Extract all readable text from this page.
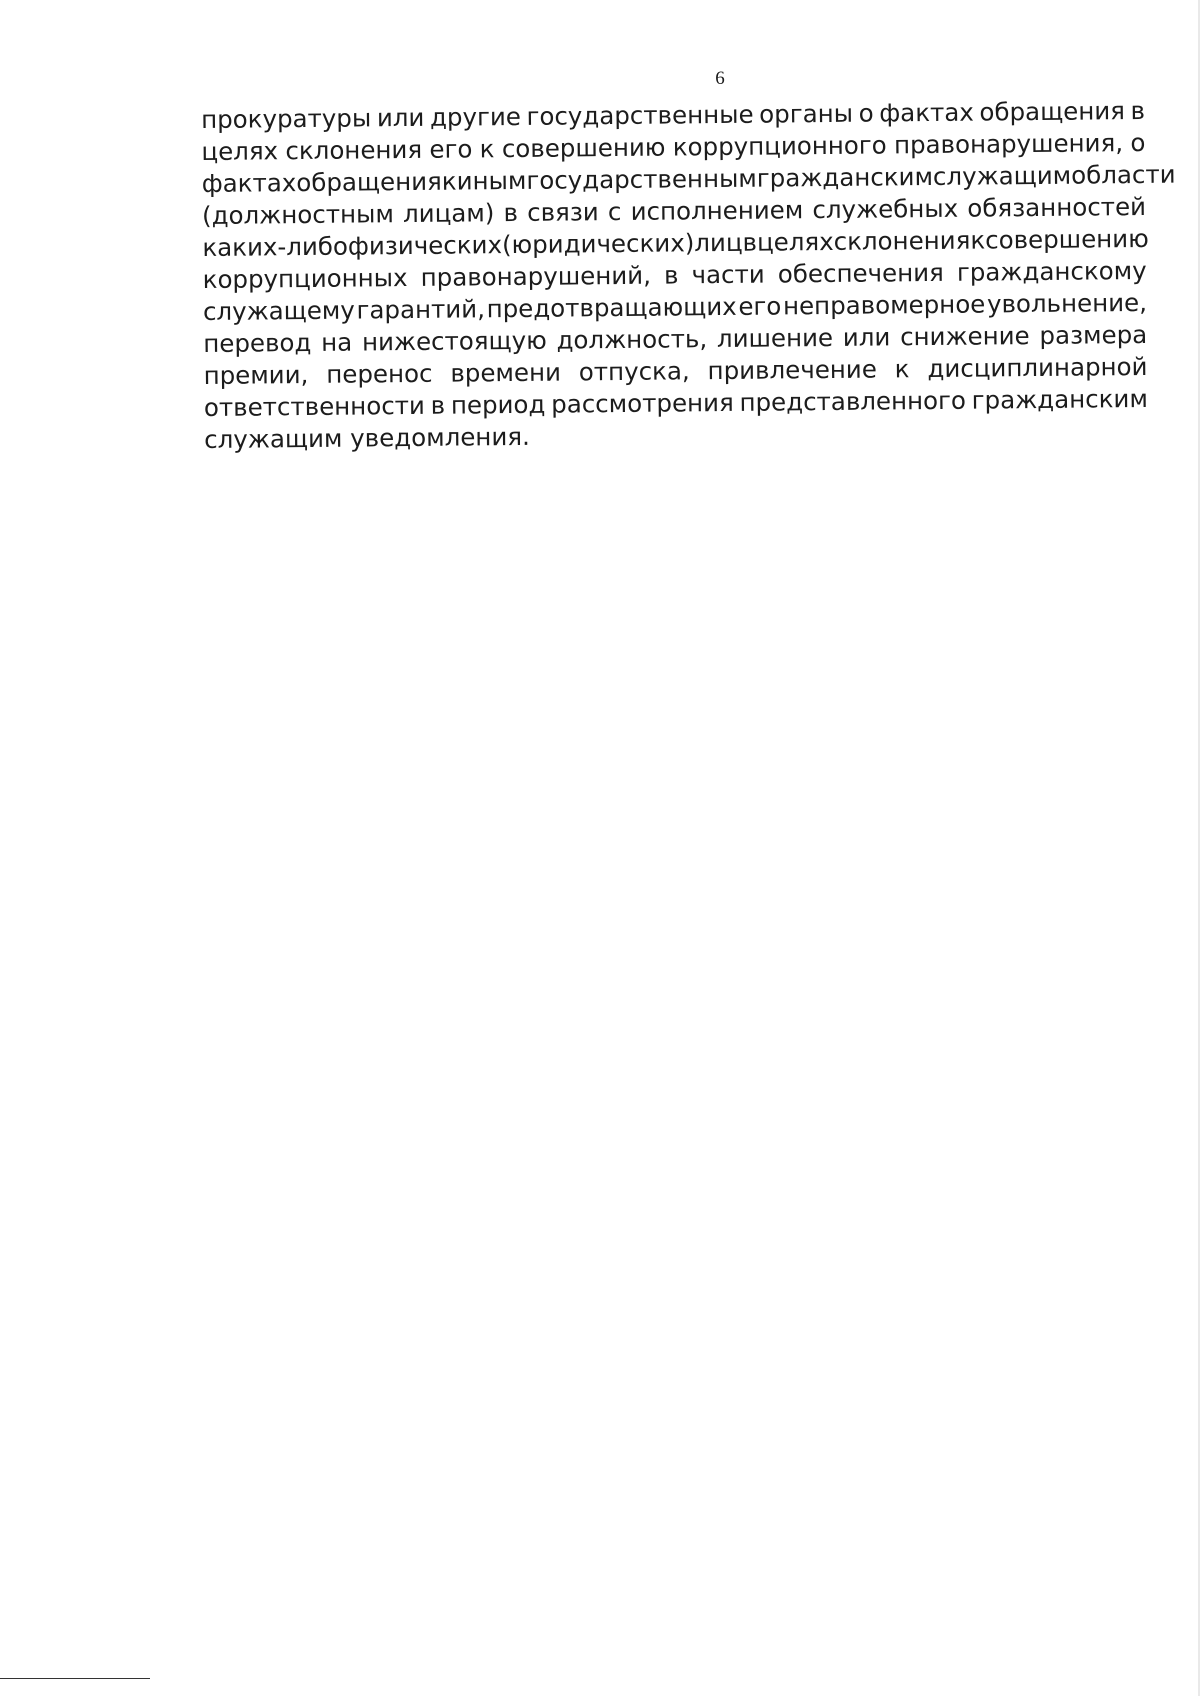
6
прокуратуры или другие государственные органы о фактах обращения в
целях склонения его к совершению коррупционного правонарушения, о
фактах обращения к иным государственным гражданским служащим области
(должностным лицам) в связи с исполнением служебных обязанностей
каких-либо физических (юридических) лиц в целях склонения к совершению
коррупционных правонарушений, в части обеспечения гражданскому
служащему гарантий, предотвращающих его неправомерное увольнение,
перевод на нижестоящую должность, лишение или снижение размера
премии, перенос времени отпуска, привлечение к дисциплинарной
ответственности в период рассмотрения представленного гражданским
служащим уведомления.
